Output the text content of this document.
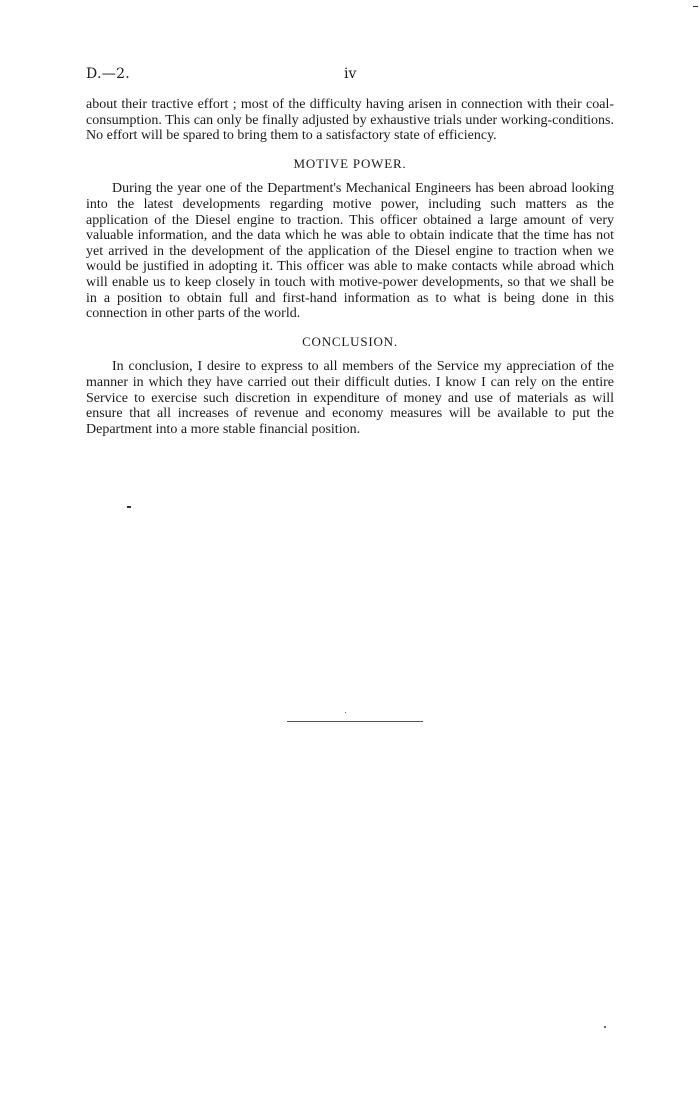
D.—2.	iv

about their tractive effort ; most of the difficulty having arisen in connection with their coal-consumption. This can only be finally adjusted by exhaustive trials under working-conditions. No effort will be spared to bring them to a satisfactory state of efficiency.

MOTIVE POWER.

During the year one of the Department's Mechanical Engineers has been abroad looking into the latest developments regarding motive power, including such matters as the application of the Diesel engine to traction. This officer obtained a large amount of very valuable information, and the data which he was able to obtain indicate that the time has not yet arrived in the development of the application of the Diesel engine to traction when we would be justified in adopting it. This officer was able to make contacts while abroad which will enable us to keep closely in touch with motive-power developments, so that we shall be in a position to obtain full and first-hand information as to what is being done in this connection in other parts of the world.

CONCLUSION.

In conclusion, I desire to express to all members of the Service my appreciation of the manner in which they have carried out their difficult duties. I know I can rely on the entire Service to exercise such discretion in expenditure of money and use of materials as will ensure that all increases of revenue and economy measures will be available to put the Department into a more stable financial position.
